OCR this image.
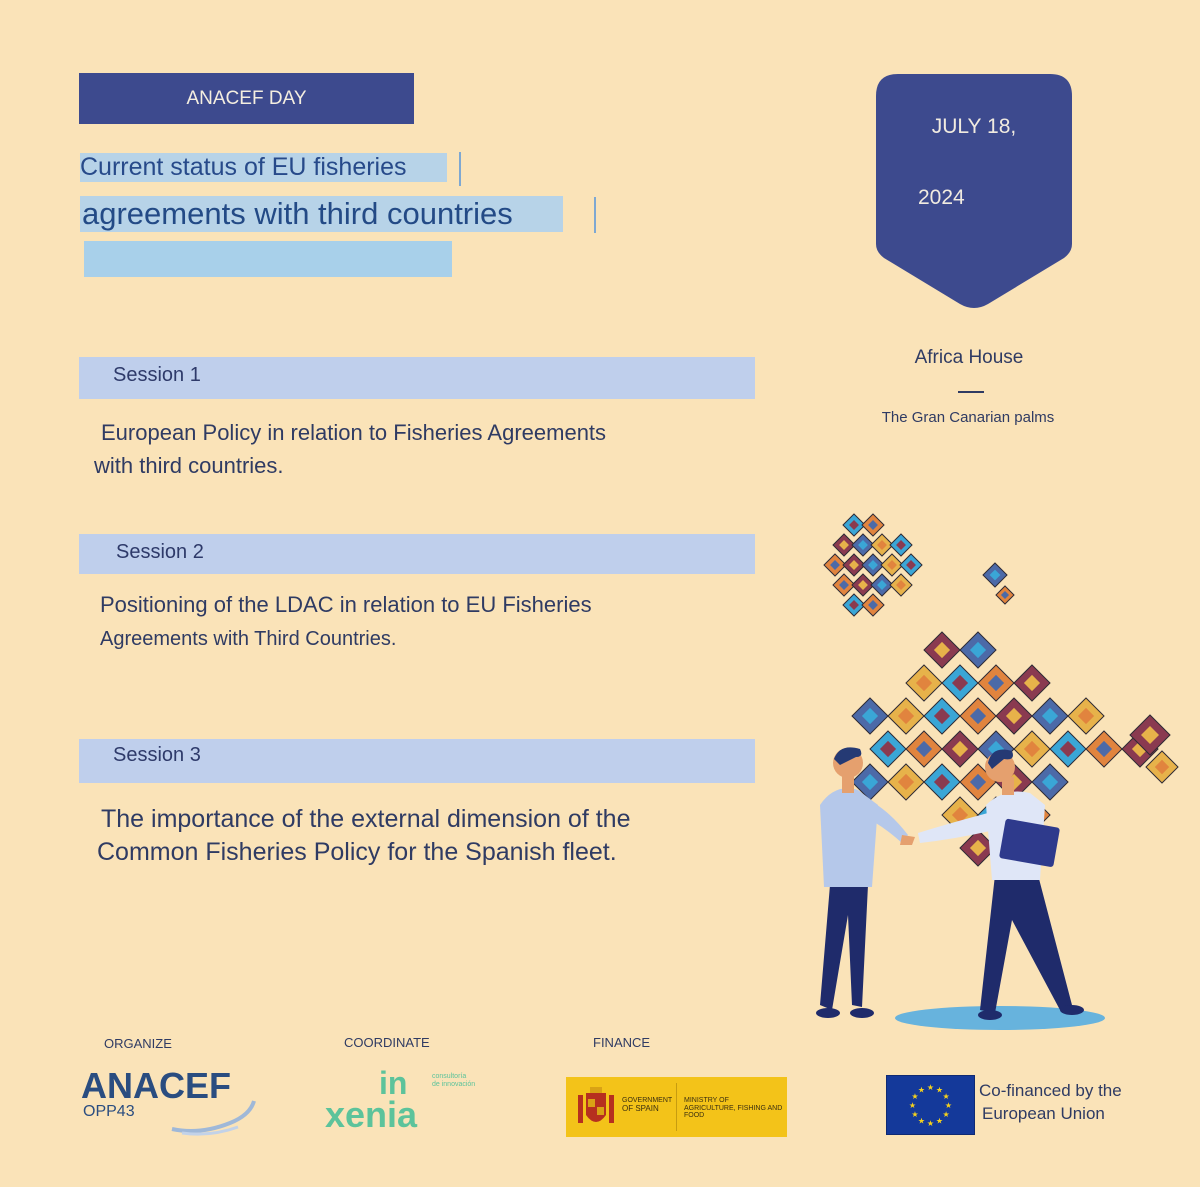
ANACEF DAY
Current status of EU fisheries
agreements with third countries
JULY 18,
2024
Africa House
The Gran Canarian palms
Session 1
European Policy in relation to Fisheries Agreements
with third countries.
Session 2
Positioning of the LDAC in relation to EU Fisheries
Agreements with Third Countries.
Session 3
The importance of the external dimension of the
Common Fisheries Policy for the Spanish fleet.
ORGANIZE	COORDINATE	FINANCE
ANACEF
OPP43
in
xenia
consultoría
de innovación
GOVERNMENT
OF SPAIN
MINISTRY OF
AGRICULTURE, FISHING AND
FOOD
★
★
★
★
★
★
★
★
★ ★ ★
★ Co-financed by the
European Union
